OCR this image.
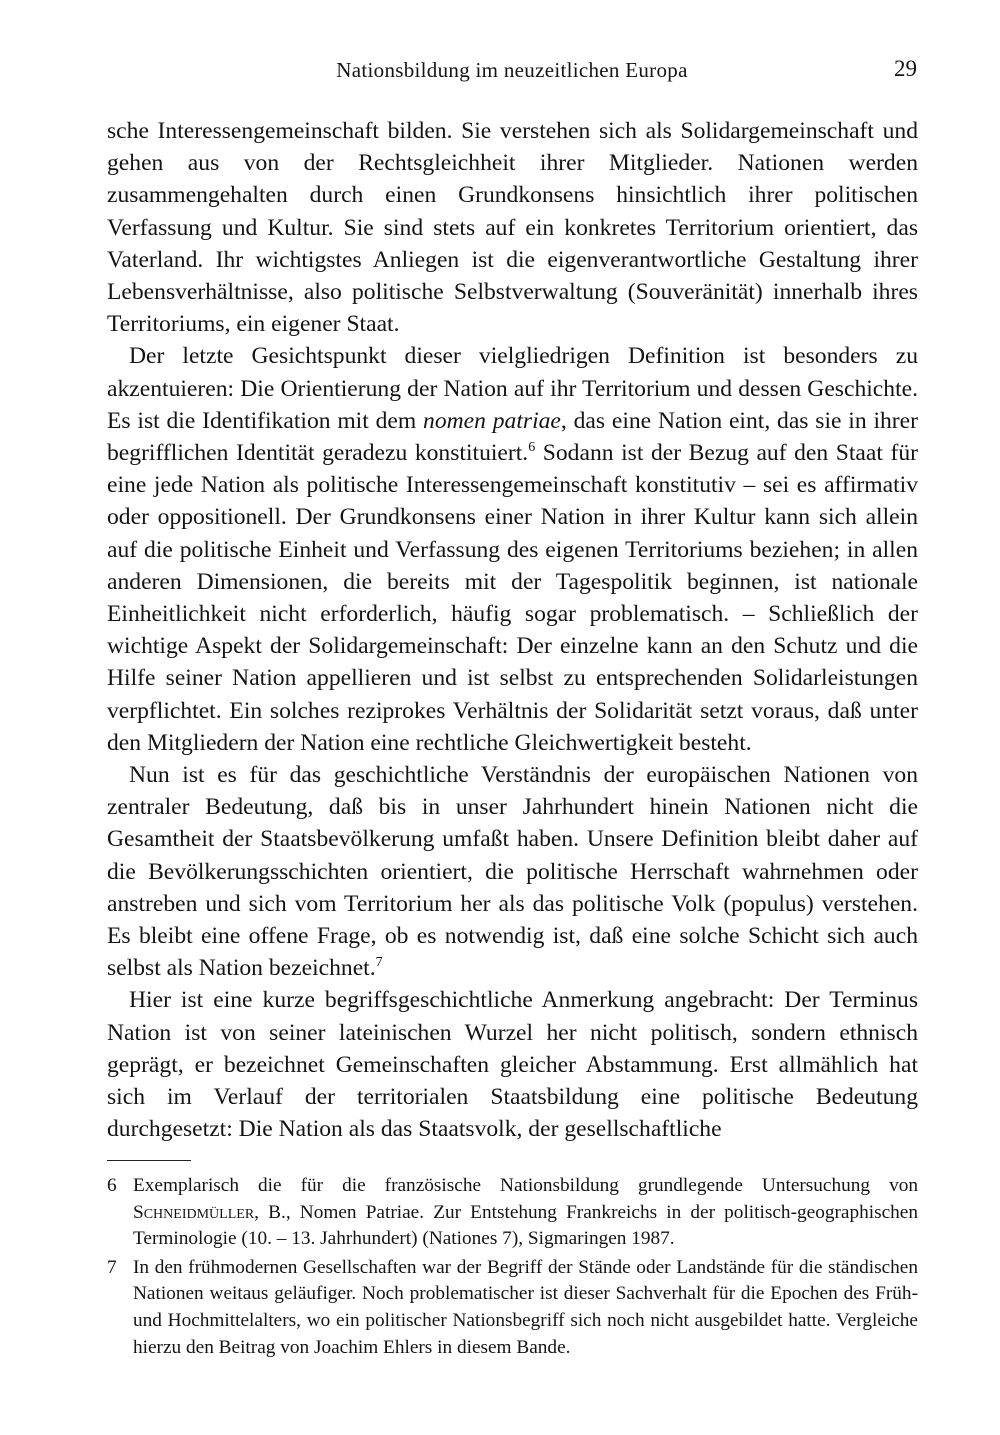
Nationsbildung im neuzeitlichen Europa	29

sche Interessengemeinschaft bilden. Sie verstehen sich als Solidargemeinschaft und gehen aus von der Rechtsgleichheit ihrer Mitglieder. Nationen werden zusammengehalten durch einen Grundkonsens hinsichtlich ihrer politischen Verfassung und Kultur. Sie sind stets auf ein konkretes Territorium orientiert, das Vaterland. Ihr wichtigstes Anliegen ist die eigenverantwortliche Gestaltung ihrer Lebensverhältnisse, also politische Selbstverwaltung (Souveränität) innerhalb ihres Territoriums, ein eigener Staat.

Der letzte Gesichtspunkt dieser vielgliedrigen Definition ist besonders zu akzentuieren: Die Orientierung der Nation auf ihr Territorium und dessen Geschichte. Es ist die Identifikation mit dem nomen patriae, das eine Nation eint, das sie in ihrer begrifflichen Identität geradezu konstituiert.$^6$ Sodann ist der Bezug auf den Staat für eine jede Nation als politische Interessengemeinschaft konstitutiv – sei es affirmativ oder oppositionell. Der Grundkonsens einer Nation in ihrer Kultur kann sich allein auf die politische Einheit und Verfassung des eigenen Territoriums beziehen; in allen anderen Dimensionen, die bereits mit der Tagespolitik beginnen, ist nationale Einheitlichkeit nicht erforderlich, häufig sogar problematisch. – Schließlich der wichtige Aspekt der Solidargemeinschaft: Der einzelne kann an den Schutz und die Hilfe seiner Nation appellieren und ist selbst zu entsprechenden Solidarleistungen verpflichtet. Ein solches reziprokes Verhältnis der Solidarität setzt voraus, daß unter den Mitgliedern der Nation eine rechtliche Gleichwertigkeit besteht.

Nun ist es für das geschichtliche Verständnis der europäischen Nationen von zentraler Bedeutung, daß bis in unser Jahrhundert hinein Nationen nicht die Gesamtheit der Staatsbevölkerung umfaßt haben. Unsere Definition bleibt daher auf die Bevölkerungsschichten orientiert, die politische Herrschaft wahrnehmen oder anstreben und sich vom Territorium her als das politische Volk (populus) verstehen. Es bleibt eine offene Frage, ob es notwendig ist, daß eine solche Schicht sich auch selbst als Nation bezeichnet.$^7$

Hier ist eine kurze begriffsgeschichtliche Anmerkung angebracht: Der Terminus Nation ist von seiner lateinischen Wurzel her nicht politisch, sondern ethnisch geprägt, er bezeichnet Gemeinschaften gleicher Abstammung. Erst allmählich hat sich im Verlauf der territorialen Staatsbildung eine politische Bedeutung durchgesetzt: Die Nation als das Staatsvolk, der gesellschaftliche

6 Exemplarisch die für die französische Nationsbildung grundlegende Untersuchung von Schneidmüller, B., Nomen Patriae. Zur Entstehung Frankreichs in der politisch-geographischen Terminologie (10. – 13. Jahrhundert) (Nationes 7), Sigmaringen 1987.
7 In den frühmodernen Gesellschaften war der Begriff der Stände oder Landstände für die ständischen Nationen weitaus geläufiger. Noch problematischer ist dieser Sachverhalt für die Epochen des Früh- und Hochmittelalters, wo ein politischer Nationsbegriff sich noch nicht ausgebildet hatte. Vergleiche hierzu den Beitrag von Joachim Ehlers in diesem Bande.
